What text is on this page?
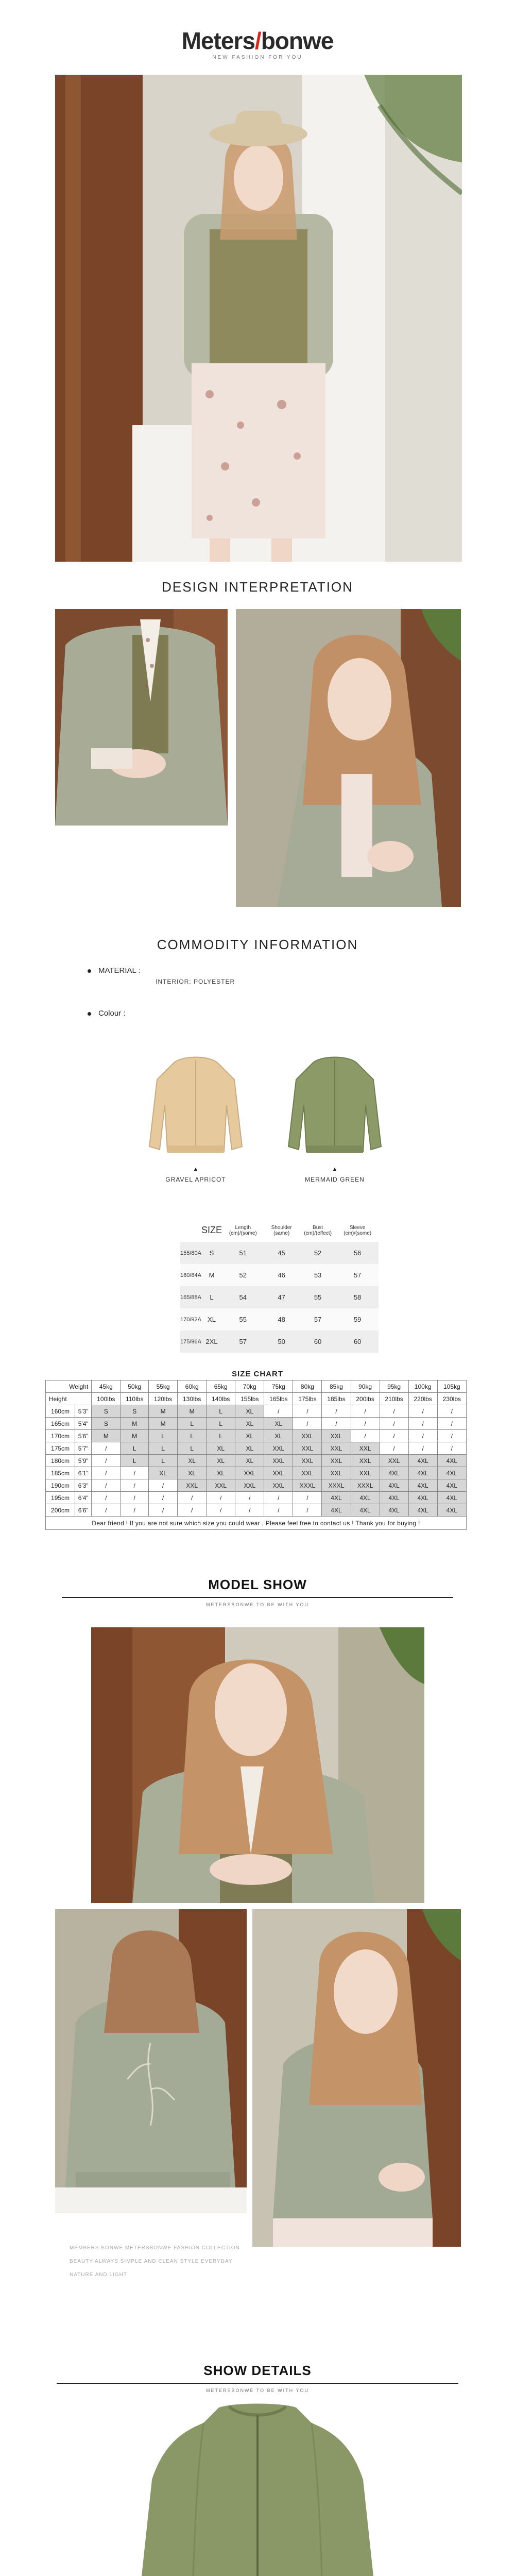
Meters/bonwe
NEW FASHION FOR YOU
DESIGN INTERPRETATION
COMMODITY INFORMATION
MATERIAL :
INTERIOR: POLYESTER
Colour :
▲
GRAVEL APRICOT
▲
MERMAID GREEN
	SIZE	Length (cm)/(some)	Shoulder (same)	Bust (cm)/(effect)	Sleeve (cm)/(some)
155/80A	S	51	45	52	56
160/84A	M	52	46	53	57
165/88A	L	54	47	55	58
170/92A	XL	55	48	57	59
175/96A	2XL	57	50	60	60
SIZE CHART
Weight		45kg	50kg	55kg	60kg	65kg	70kg	75kg	80kg	85kg	90kg	95kg	100kg	105kg
Height		100lbs	110lbs	120lbs	130lbs	140lbs	155lbs	165lbs	175lbs	185lbs	200lbs	210lbs	220lbs	230lbs
160cm	5'3"	S	S	M	M	L	XL	/	/	/	/	/	/	/
165cm	5'4"	S	M	M	L	L	XL	XL	/	/	/	/	/	/
170cm	5'6"	M	M	L	L	L	XL	XL	XXL	XXL	/	/	/	/
175cm	5'7"	/	L	L	L	XL	XL	XXL	XXL	XXL	XXL	/	/	/
180cm	5'9"	/	L	L	XL	XL	XL	XXL	XXL	XXL	XXL	XXL	4XL	4XL
185cm	6'1"	/	/	XL	XL	XL	XXL	XXL	XXL	XXL	XXL	4XL	4XL	4XL
190cm	6'3"	/	/	/	XXL	XXL	XXL	XXL	XXXL	XXXL	XXXL	4XL	4XL	4XL
195cm	6'4"	/	/	/	/	/	/	/	/	4XL	4XL	4XL	4XL	4XL
200cm	6'6"	/	/	/	/	/	/	/	/	4XL	4XL	4XL	4XL	4XL
Dear friend ! If you are not sure which size you could wear , Please feel free to contact us ! Thank you for buying !														
MODEL SHOW
METERSBONWE TO BE WITH YOU
MEMBERS BONWE METERSBONWE FASHION COLLECTION
BEAUTY ALWAYS SIMPLE AND CLEAN STYLE EVERYDAY
NATURE AND LIGHT
SHOW DETAILS
METERSBONWE TO BE WITH YOU
